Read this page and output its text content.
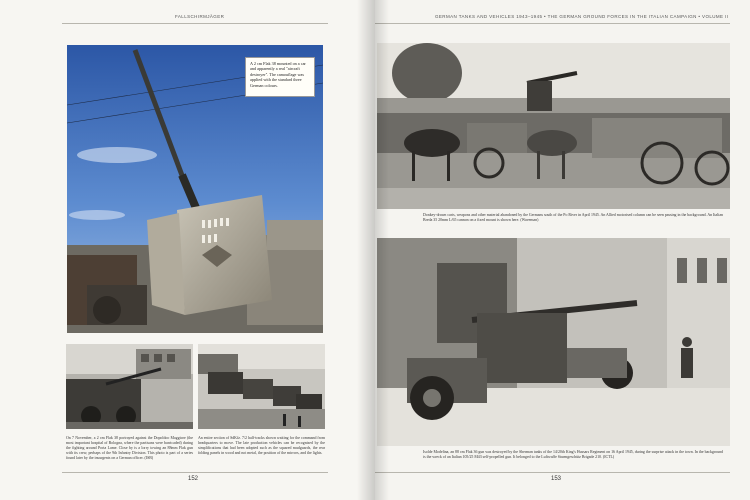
FALLSCHIRMJÄGER
A 2 cm Flak 38 mounted on a car and apparently a real "aircraft destroyer". The camouflage was applied with the standard three German colours.
On 7 November, a 2 cm Flak 38 portrayed against the Dopoldoo Maggiore (the most important hospital of Bologna, where the partisans were barricaded) during the fighting around Porta Lame. Close by is a lorry towing an 88mm Flak gun with its crew, perhaps of the 9th Infantry Division. This photo is part of a series found later by the insurgents on a German officer. (ISB)
An entire section of SdKfz. 7/2 half-tracks shown waiting for the command from headquarters to move. The late production vehicles can be recognised by the simplifications that had been adopted such as the squared mudguards, the rear folding panels in wood and not metal, the position of the mirrors, and the lights.
152
GERMAN TANKS AND VEHICLES 1943–1945 • THE GERMAN GROUND FORCES IN THE ITALIAN CAMPAIGN • VOLUME II
Donkey-drawn carts, weapons and other material abandoned by the Germans south of the Po River in April 1945. An Allied motorised column can be seen passing in the background. An Italian Breda 35 20mm L/65 cannon on a fixed mount is shown here. (Waveman)
Isolde Modelina, an 88 cm Flak 36 gun was destroyed by the Sherman tanks of the 14/20th King's Hussars Regiment on 16 April 1945, during the surprise attack in the town. In the background is the wreck of an Italian 105/25 M43 self-propelled gun. It belonged to the Luftwaffe Sturmgeschütz Brigade 210. (ICTL)
153
